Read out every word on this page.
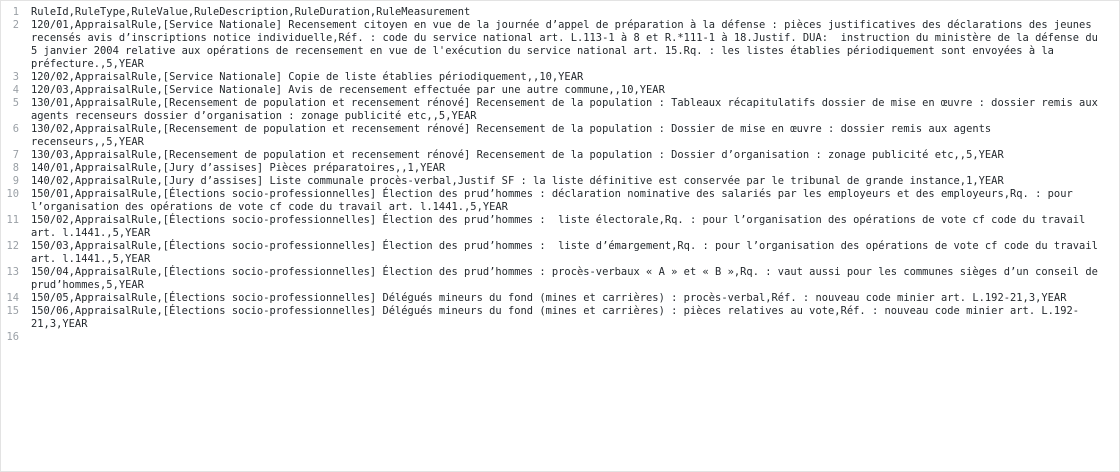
1	RuleId,RuleType,RuleValue,RuleDescription,RuleDuration,RuleMeasurement
2	120/01,AppraisalRule,[Service Nationale] Recensement citoyen en vue de la journée d’appel de préparation à la défense : pièces justificatives des déclarations des jeunes recensés avis d’inscriptions notice individuelle,Réf. : code du service national art. L.113-1 à 8 et R.*111-1 à 18.Justif. DUA:  instruction du ministère de la défense du 5 janvier 2004 relative aux opérations de recensement en vue de l'exécution du service national art. 15.Rq. : les listes établies périodiquement sont envoyées à la préfecture.,5,YEAR
3	120/02,AppraisalRule,[Service Nationale] Copie de liste établies périodiquement,,10,YEAR
4	120/03,AppraisalRule,[Service Nationale] Avis de recensement effectuée par une autre commune,,10,YEAR
5	130/01,AppraisalRule,[Recensement de population et recensement rénové] Recensement de la population : Tableaux récapitulatifs dossier de mise en œuvre : dossier remis aux agents recenseurs dossier d’organisation : zonage publicité etc,,5,YEAR
6	130/02,AppraisalRule,[Recensement de population et recensement rénové] Recensement de la population : Dossier de mise en œuvre : dossier remis aux agents recenseurs,,5,YEAR
7	130/03,AppraisalRule,[Recensement de population et recensement rénové] Recensement de la population : Dossier d’organisation : zonage publicité etc,,5,YEAR
8	140/01,AppraisalRule,[Jury d’assises] Pièces préparatoires,,1,YEAR
9	140/02,AppraisalRule,[Jury d’assises] Liste communale procès-verbal,Justif SF : la liste définitive est conservée par le tribunal de grande instance,1,YEAR
10	150/01,AppraisalRule,[Élections socio-professionnelles] Élection des prud’hommes : déclaration nominative des salariés par les employeurs et des employeurs,Rq. : pour l’organisation des opérations de vote cf code du travail art. l.1441.,5,YEAR
11	150/02,AppraisalRule,[Élections socio-professionnelles] Élection des prud’hommes :  liste électorale,Rq. : pour l’organisation des opérations de vote cf code du travail art. l.1441.,5,YEAR
12	150/03,AppraisalRule,[Élections socio-professionnelles] Élection des prud’hommes :  liste d’émargement,Rq. : pour l’organisation des opérations de vote cf code du travail art. l.1441.,5,YEAR
13	150/04,AppraisalRule,[Élections socio-professionnelles] Élection des prud’hommes : procès-verbaux « A » et « B »,Rq. : vaut aussi pour les communes sièges d’un conseil de prud’hommes,5,YEAR
14	150/05,AppraisalRule,[Élections socio-professionnelles] Délégués mineurs du fond (mines et carrières) : procès-verbal,Réf. : nouveau code minier art. L.192-21,3,YEAR
15	150/06,AppraisalRule,[Élections socio-professionnelles] Délégués mineurs du fond (mines et carrières) : pièces relatives au vote,Réf. : nouveau code minier art. L.192-21,3,YEAR
16
